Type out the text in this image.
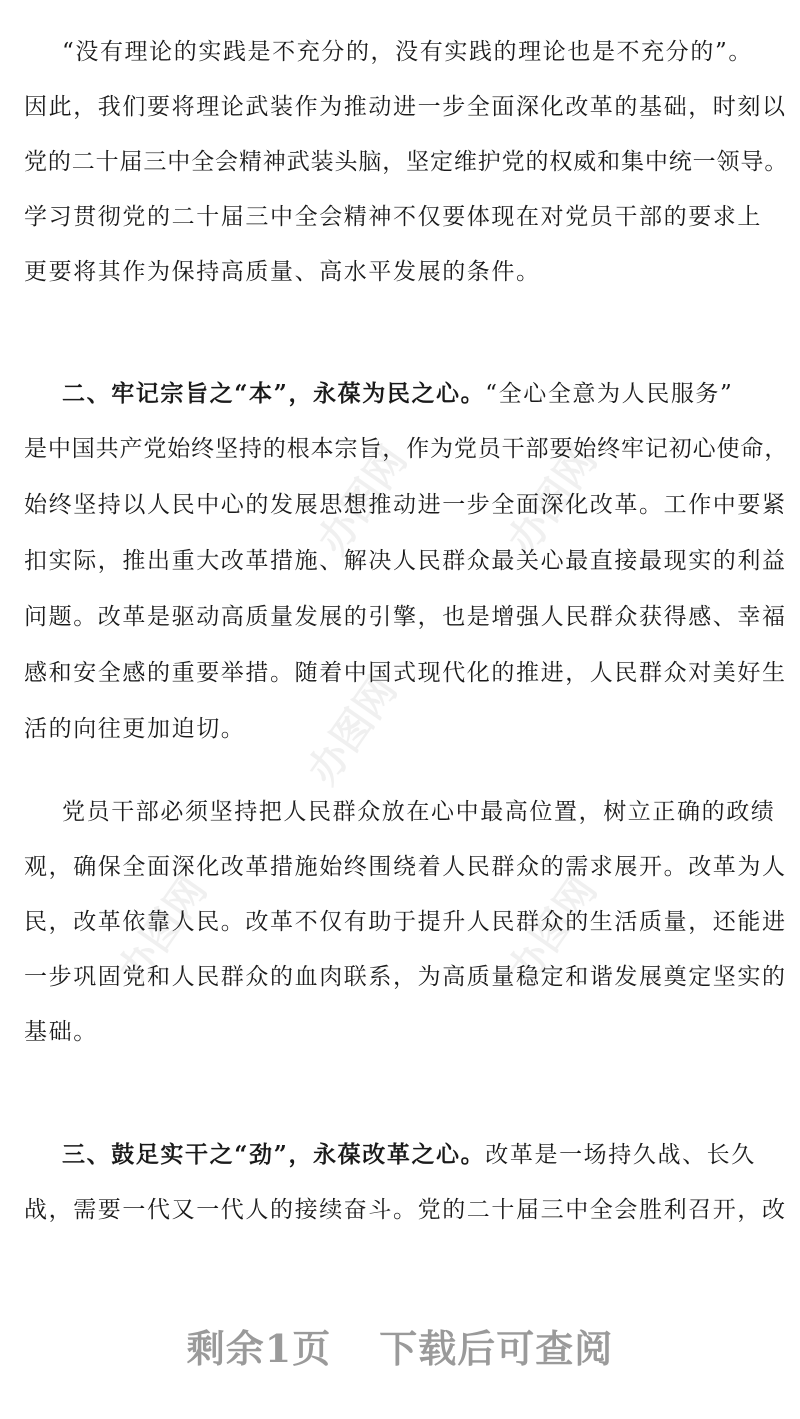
办图网 办图网
办图网
办图网	办图网
“没有理论的实践是不充分的，没有实践的理论也是不充分的”。
因此，我们要将理论武装作为推动进一步全面深化改革的基础，时刻以
党的二十届三中全会精神武装头脑，坚定维护党的权威和集中统一领导。
学习贯彻党的二十届三中全会精神不仅要体现在对党员干部的要求上
更要将其作为保持高质量、高水平发展的条件。
二、牢记宗旨之“本”，永葆为民之心。“全心全意为人民服务”
是中国共产党始终坚持的根本宗旨，作为党员干部要始终牢记初心使命，
始终坚持以人民中心的发展思想推动进一步全面深化改革。工作中要紧
扣实际，推出重大改革措施、解决人民群众最关心最直接最现实的利益
问题。改革是驱动高质量发展的引擎，也是增强人民群众获得感、幸福
感和安全感的重要举措。随着中国式现代化的推进，人民群众对美好生
活的向往更加迫切。
党员干部必须坚持把人民群众放在心中最高位置，树立正确的政绩
观，确保全面深化改革措施始终围绕着人民群众的需求展开。改革为人
民，改革依靠人民。改革不仅有助于提升人民群众的生活质量，还能进
一步巩固党和人民群众的血肉联系，为高质量稳定和谐发展奠定坚实的
基础。
三、鼓足实干之“劲”，永葆改革之心。改革是一场持久战、长久
战，需要一代又一代人的接续奋斗。党的二十届三中全会胜利召开，改
剩余1页 下载后可查阅
